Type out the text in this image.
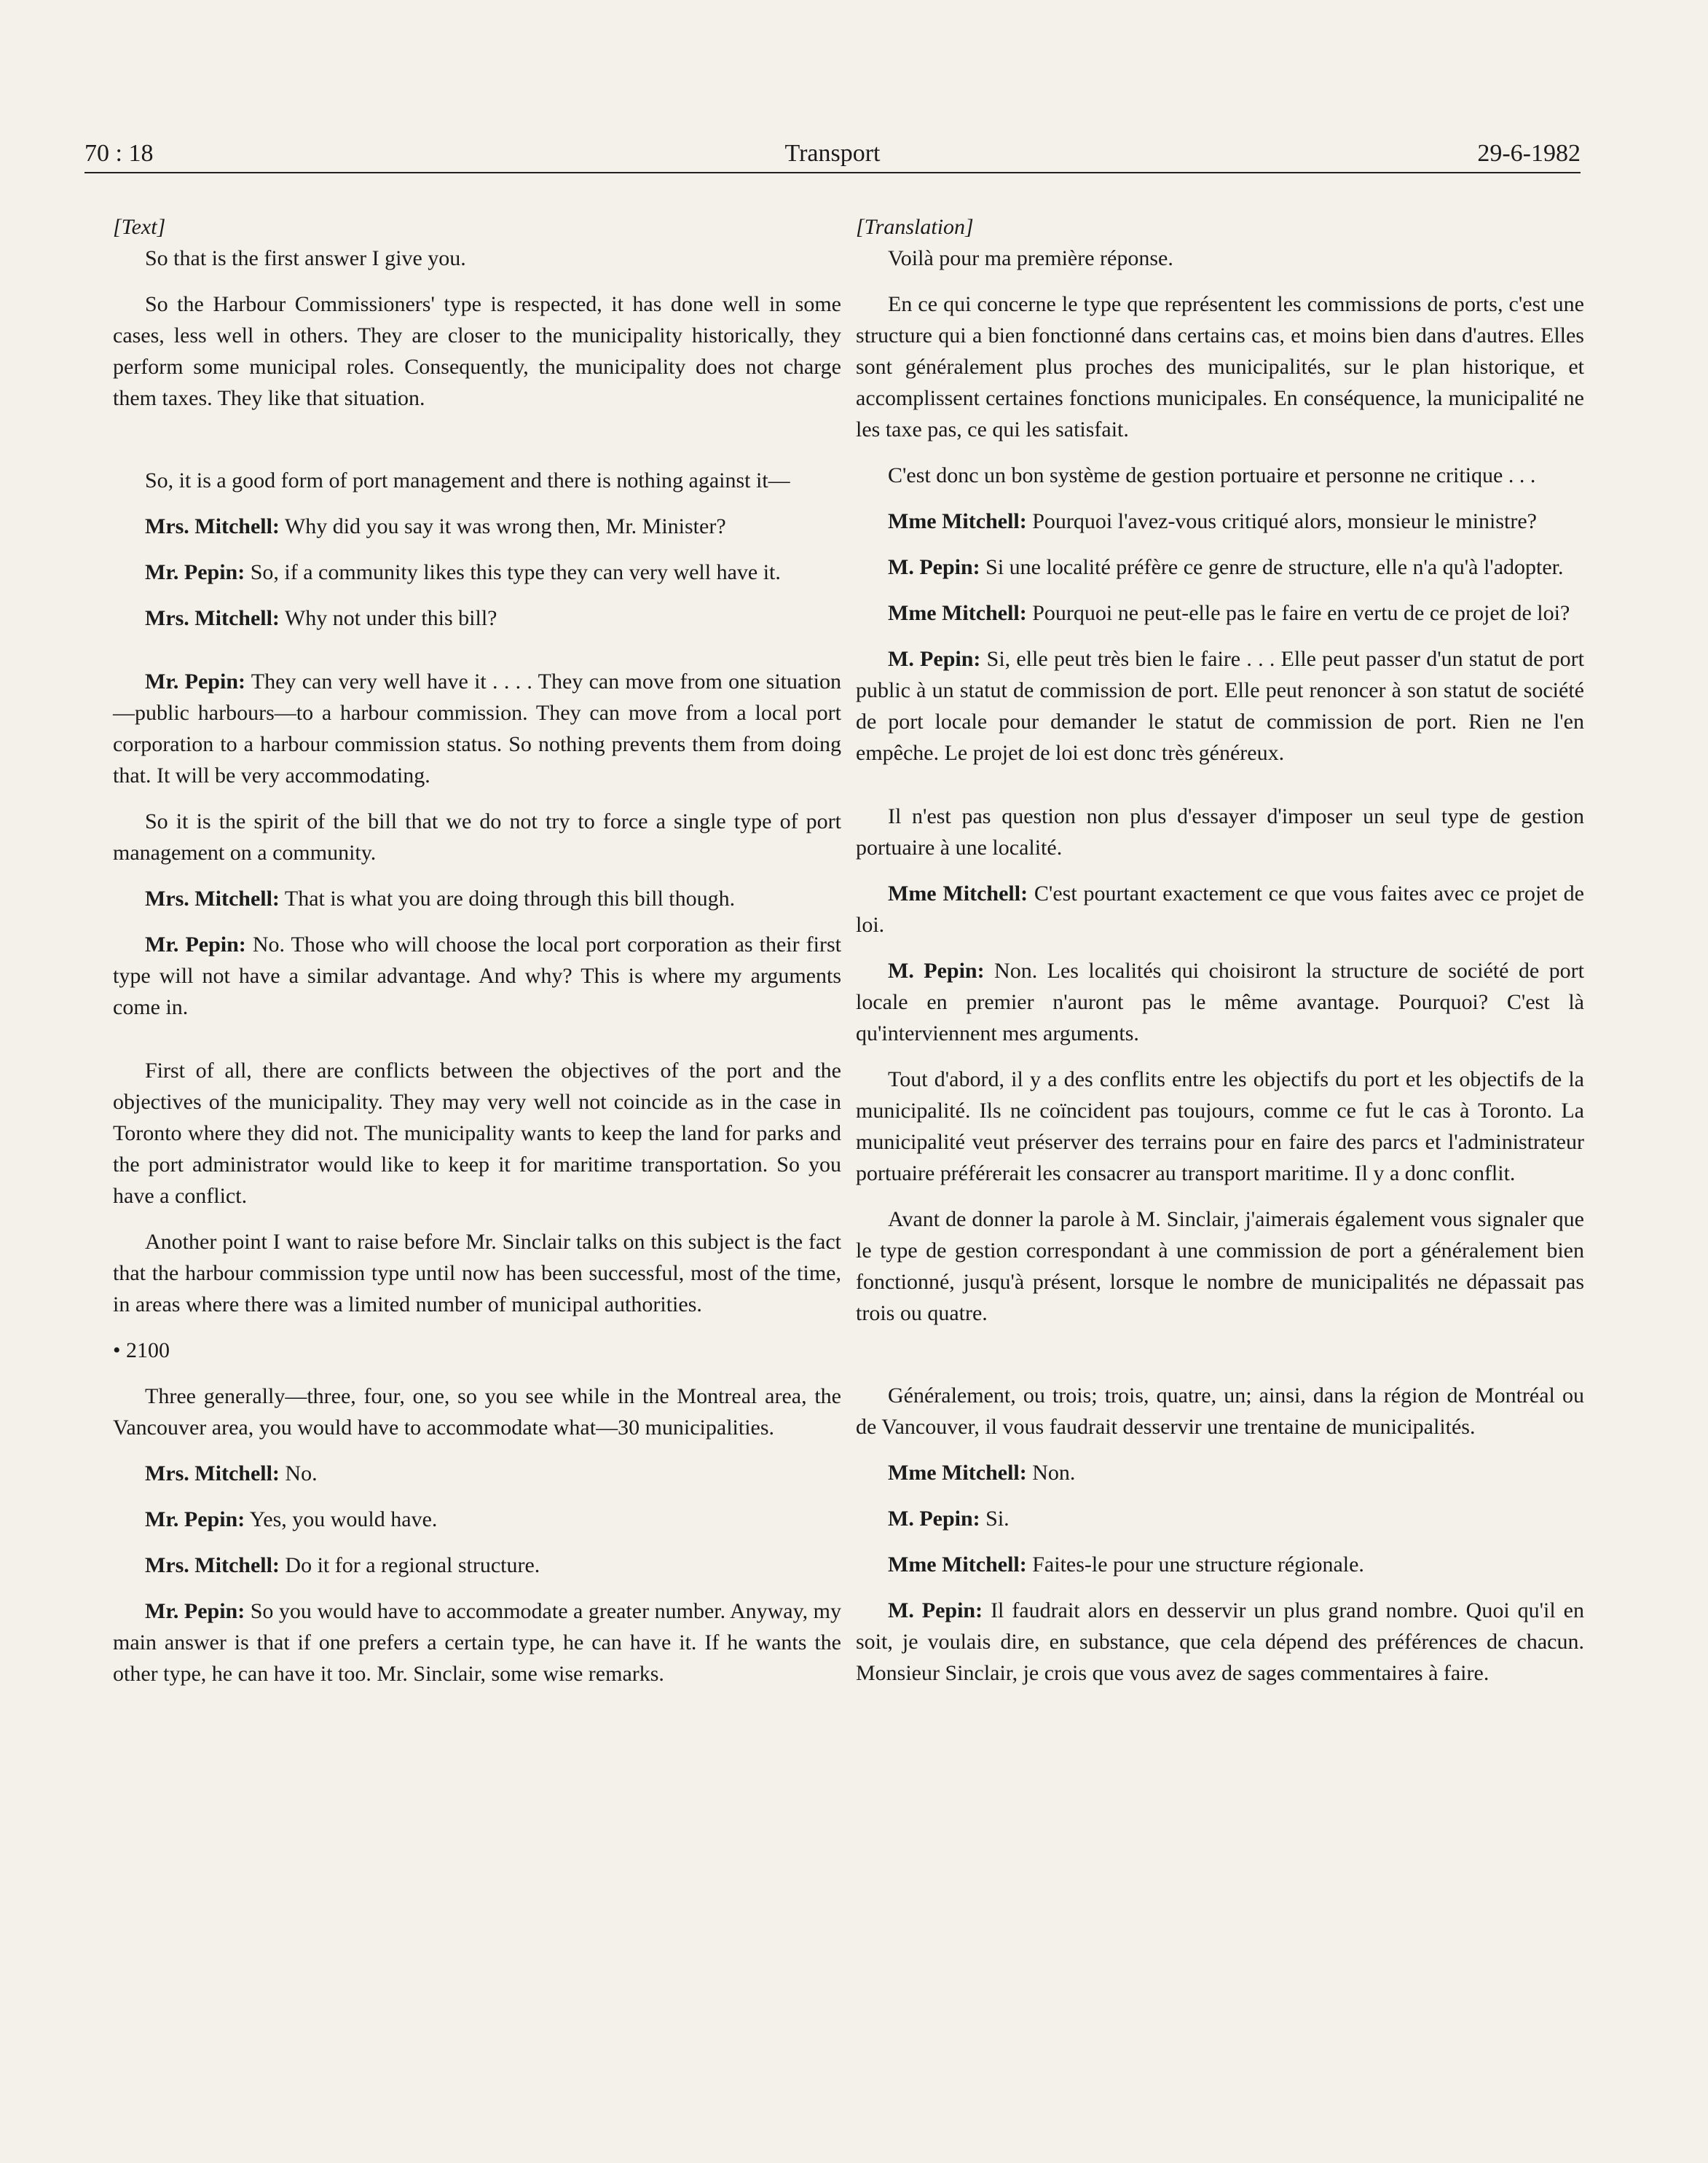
70 : 18	Transport	29-6-1982

[Text]

So that is the first answer I give you.

So the Harbour Commissioners' type is respected, it has done well in some cases, less well in others. They are closer to the municipality historically, they perform some municipal roles. Consequently, the municipality does not charge them taxes. They like that situation.

So, it is a good form of port management and there is nothing against it—

Mrs. Mitchell: Why did you say it was wrong then, Mr. Minister?

Mr. Pepin: So, if a community likes this type they can very well have it.

Mrs. Mitchell: Why not under this bill?

Mr. Pepin: They can very well have it . . . . They can move from one situation—public harbours—to a harbour commission. They can move from a local port corporation to a harbour commission status. So nothing prevents them from doing that. It will be very accommodating.

So it is the spirit of the bill that we do not try to force a single type of port management on a community.

Mrs. Mitchell: That is what you are doing through this bill though.

Mr. Pepin: No. Those who will choose the local port corporation as their first type will not have a similar advantage. And why? This is where my arguments come in.

First of all, there are conflicts between the objectives of the port and the objectives of the municipality. They may very well not coincide as in the case in Toronto where they did not. The municipality wants to keep the land for parks and the port administrator would like to keep it for maritime transportation. So you have a conflict.

Another point I want to raise before Mr. Sinclair talks on this subject is the fact that the harbour commission type until now has been successful, most of the time, in areas where there was a limited number of municipal authorities.

• 2100

Three generally—three, four, one, so you see while in the Montreal area, the Vancouver area, you would have to accommodate what—30 municipalities.

Mrs. Mitchell: No.

Mr. Pepin: Yes, you would have.

Mrs. Mitchell: Do it for a regional structure.

Mr. Pepin: So you would have to accommodate a greater number. Anyway, my main answer is that if one prefers a certain type, he can have it. If he wants the other type, he can have it too. Mr. Sinclair, some wise remarks.

[Translation]

Voilà pour ma première réponse.

En ce qui concerne le type que représentent les commissions de ports, c'est une structure qui a bien fonctionné dans certains cas, et moins bien dans d'autres. Elles sont généralement plus proches des municipalités, sur le plan historique, et accomplissent certaines fonctions municipales. En conséquence, la municipalité ne les taxe pas, ce qui les satisfait.

C'est donc un bon système de gestion portuaire et personne ne critique . . .

Mme Mitchell: Pourquoi l'avez-vous critiqué alors, monsieur le ministre?

M. Pepin: Si une localité préfère ce genre de structure, elle n'a qu'à l'adopter.

Mme Mitchell: Pourquoi ne peut-elle pas le faire en vertu de ce projet de loi?

M. Pepin: Si, elle peut très bien le faire . . . Elle peut passer d'un statut de port public à un statut de commission de port. Elle peut renoncer à son statut de société de port locale pour demander le statut de commission de port. Rien ne l'en empêche. Le projet de loi est donc très généreux.

Il n'est pas question non plus d'essayer d'imposer un seul type de gestion portuaire à une localité.

Mme Mitchell: C'est pourtant exactement ce que vous faites avec ce projet de loi.

M. Pepin: Non. Les localités qui choisiront la structure de société de port locale en premier n'auront pas le même avantage. Pourquoi? C'est là qu'interviennent mes arguments.

Tout d'abord, il y a des conflits entre les objectifs du port et les objectifs de la municipalité. Ils ne coïncident pas toujours, comme ce fut le cas à Toronto. La municipalité veut préserver des terrains pour en faire des parcs et l'administrateur portuaire préférerait les consacrer au transport maritime. Il y a donc conflit.

Avant de donner la parole à M. Sinclair, j'aimerais également vous signaler que le type de gestion correspondant à une commission de port a généralement bien fonctionné, jusqu'à présent, lorsque le nombre de municipalités ne dépassait pas trois ou quatre.

Généralement, ou trois; trois, quatre, un; ainsi, dans la région de Montréal ou de Vancouver, il vous faudrait desservir une trentaine de municipalités.

Mme Mitchell: Non.

M. Pepin: Si.

Mme Mitchell: Faites-le pour une structure régionale.

M. Pepin: Il faudrait alors en desservir un plus grand nombre. Quoi qu'il en soit, je voulais dire, en substance, que cela dépend des préférences de chacun. Monsieur Sinclair, je crois que vous avez de sages commentaires à faire.
